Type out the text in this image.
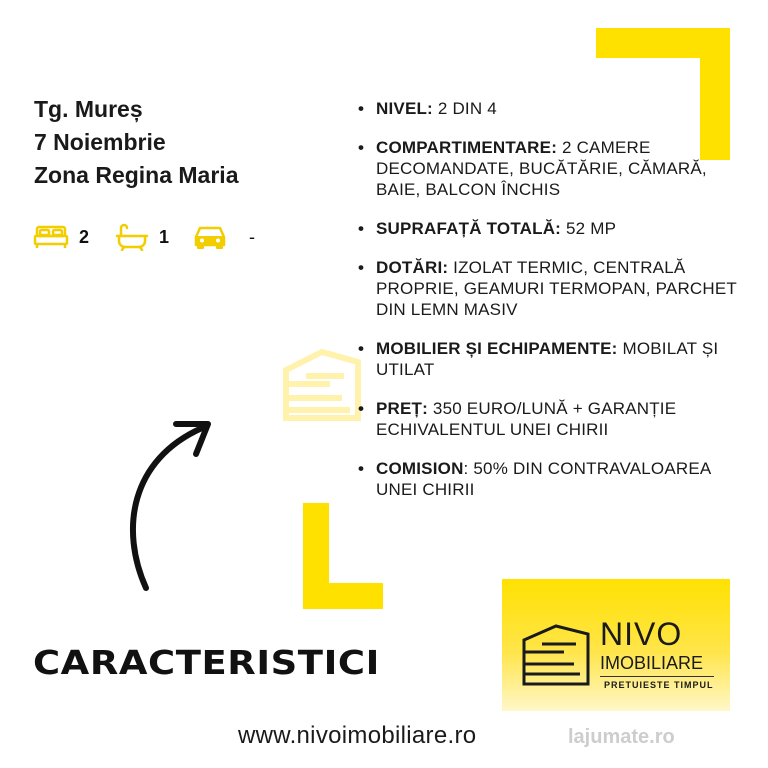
Tg. Mureș
7 Noiembrie
Zona Regina Maria
2	1	-
• NIVEL: 2 DIN 4
• COMPARTIMENTARE: 2 CAMERE DECOMANDATE, BUCĂTĂRIE, CĂMARĂ, BAIE, BALCON ÎNCHIS
• SUPRAFAȚĂ TOTALĂ: 52 MP
• DOTĂRI: IZOLAT TERMIC, CENTRALĂ PROPRIE, GEAMURI TERMOPAN, PARCHET DIN LEMN MASIV
• MOBILIER ȘI ECHIPAMENTE: MOBILAT ȘI UTILAT
• PREȚ: 350 EURO/LUNĂ + GARANȚIE ECHIVALENTUL UNEI CHIRII
• COMISION: 50% DIN CONTRAVALOAREA UNEI CHIRII
CARACTERISTICI
NIVO
IMOBILIARE
PRETUIESTE TIMPUL
www.nivoimobiliare.ro	lajumate.ro
